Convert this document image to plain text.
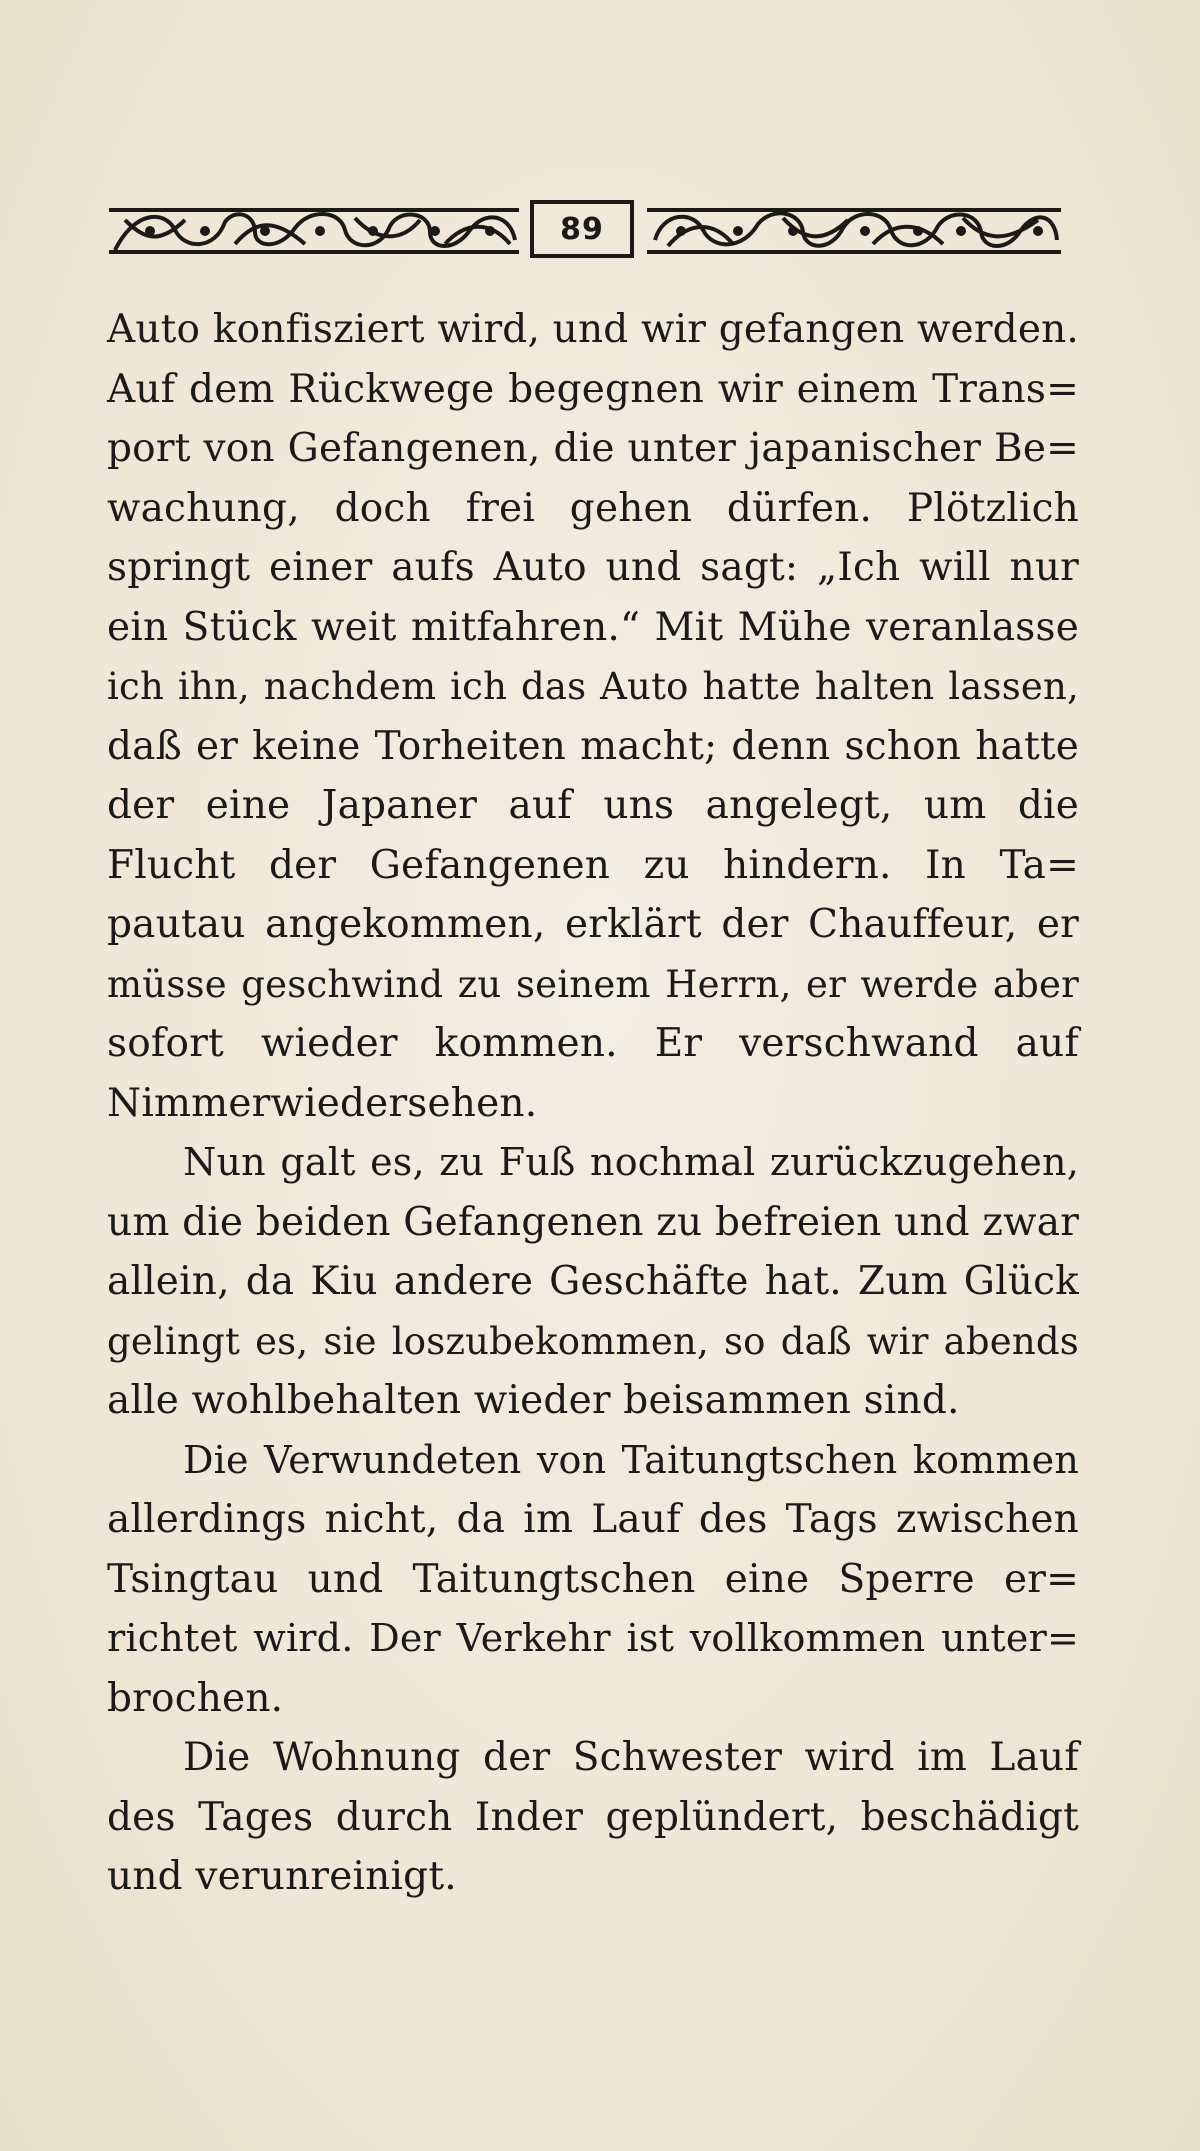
89
Auto konfisziert wird, und wir gefangen werden.
Auf dem Rückwege begegnen wir einem Trans=
port von Gefangenen, die unter japanischer Be=
wachung, doch frei gehen dürfen. Plötzlich
springt einer aufs Auto und sagt: „Ich will nur
ein Stück weit mitfahren.“ Mit Mühe veranlasse
ich ihn, nachdem ich das Auto hatte halten lassen,
daß er keine Torheiten macht; denn schon hatte
der eine Japaner auf uns angelegt, um die
Flucht der Gefangenen zu hindern. In Ta=
pautau angekommen, erklärt der Chauffeur, er
müsse geschwind zu seinem Herrn, er werde aber
sofort wieder kommen. Er verschwand auf
Nimmerwiedersehen.
Nun galt es, zu Fuß nochmal zurückzugehen,
um die beiden Gefangenen zu befreien und zwar
allein, da Kiu andere Geschäfte hat. Zum Glück
gelingt es, sie loszubekommen, so daß wir abends
alle wohlbehalten wieder beisammen sind.
Die Verwundeten von Taitungtschen kommen
allerdings nicht, da im Lauf des Tags zwischen
Tsingtau und Taitungtschen eine Sperre er=
richtet wird. Der Verkehr ist vollkommen unter=
brochen.
Die Wohnung der Schwester wird im Lauf
des Tages durch Inder geplündert, beschädigt
und verunreinigt.
